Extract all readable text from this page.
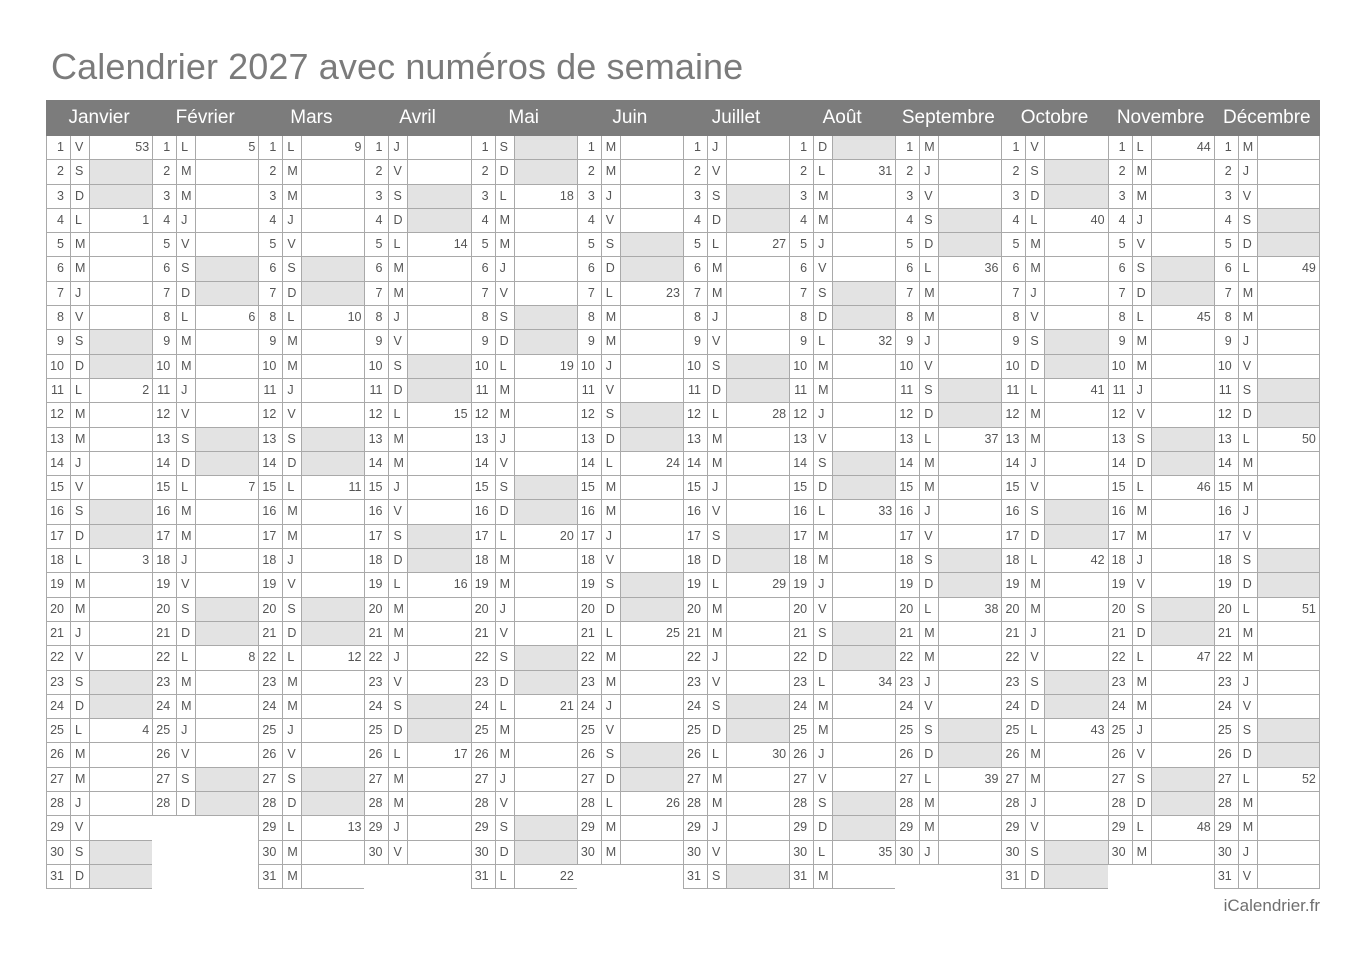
Calendrier 2027 avec numéros de semaine
Janvier
1 V	53
2 S
3 D
4 L	1
5 M
6 M
7 J
8 V
9 S
10 D
11 L	2
12 M
13 M
14 J
15 V
16 S
17 D
18 L	3
19 M
20 M
21 J
22 V
23 S
24 D
25 L	4
26 M
27 M
28 J
29 V
30 S
31 D
Février
1 L	5
2 M
3 M
4 J
5 V
6 S
7 D
8 L	6
9 M
10 M
11 J
12 V
13 S
14 D
15 L	7
16 M
17 M
18 J
19 V
20 S
21 D
22 L	8
23 M
24 M
25 J
26 V
27 S
28 D
Mars
1 L	9
2 M
3 M
4 J
5 V
6 S
7 D
8 L	10
9 M
10 M
11 J
12 V
13 S
14 D
15 L	11
16 M
17 M
18 J
19 V
20 S
21 D
22 L	12
23 M
24 M
25 J
26 V
27 S
28 D
29 L	13
30 M
31 M
Avril
1 J
2 V
3 S
4 D
5 L	14
6 M
7 M
8 J
9 V
10 S
11 D
12 L	15
13 M
14 M
15 J
16 V
17 S
18 D
19 L	16
20 M
21 M
22 J
23 V
24 S
25 D
26 L	17
27 M
28 M
29 J
30 V
Mai
1 S
2 D
3 L	18
4 M
5 M
6 J
7 V
8 S
9 D
10 L	19
11 M
12 M
13 J
14 V
15 S
16 D
17 L	20
18 M
19 M
20 J
21 V
22 S
23 D
24 L	21
25 M
26 M
27 J
28 V
29 S
30 D
31 L	22
Juin
1 M
2 M
3 J
4 V
5 S
6 D
7 L	23
8 M
9 M
10 J
11 V
12 S
13 D
14 L	24
15 M
16 M
17 J
18 V
19 S
20 D
21 L	25
22 M
23 M
24 J
25 V
26 S
27 D
28 L	26
29 M
30 M
Juillet
1 J
2 V
3 S
4 D
5 L	27
6 M
7 M
8 J
9 V
10 S
11 D
12 L	28
13 M
14 M
15 J
16 V
17 S
18 D
19 L	29
20 M
21 M
22 J
23 V
24 S
25 D
26 L	30
27 M
28 M
29 J
30 V
31 S
Août
1 D
2 L	31
3 M
4 M
5 J
6 V
7 S
8 D
9 L	32
10 M
11 M
12 J
13 V
14 S
15 D
16 L	33
17 M
18 M
19 J
20 V
21 S
22 D
23 L	34
24 M
25 M
26 J
27 V
28 S
29 D
30 L	35
31 M
Septembre
1 M
2 J
3 V
4 S
5 D
6 L	36
7 M
8 M
9 J
10 V
11 S
12 D
13 L	37
14 M
15 M
16 J
17 V
18 S
19 D
20 L	38
21 M
22 M
23 J
24 V
25 S
26 D
27 L	39
28 M
29 M
30 J
Octobre
1 V
2 S
3 D
4 L	40
5 M
6 M
7 J
8 V
9 S
10 D
11 L	41
12 M
13 M
14 J
15 V
16 S
17 D
18 L	42
19 M
20 M
21 J
22 V
23 S
24 D
25 L	43
26 M
27 M
28 J
29 V
30 S
31 D
Novembre
1 L	44
2 M
3 M
4 J
5 V
6 S
7 D
8 L	45
9 M
10 M
11 J
12 V
13 S
14 D
15 L	46
16 M
17 M
18 J
19 V
20 S
21 D
22 L	47
23 M
24 M
25 J
26 V
27 S
28 D
29 L	48
30 M
Décembre
1 M
2 J
3 V
4 S
5 D
6 L	49
7 M
8 M
9 J
10 V
11 S
12 D
13 L	50
14 M
15 M
16 J
17 V
18 S
19 D
20 L	51
21 M
22 M
23 J
24 V
25 S
26 D
27 L	52
28 M
29 M
30 J
31 V
iCalendrier.fr
